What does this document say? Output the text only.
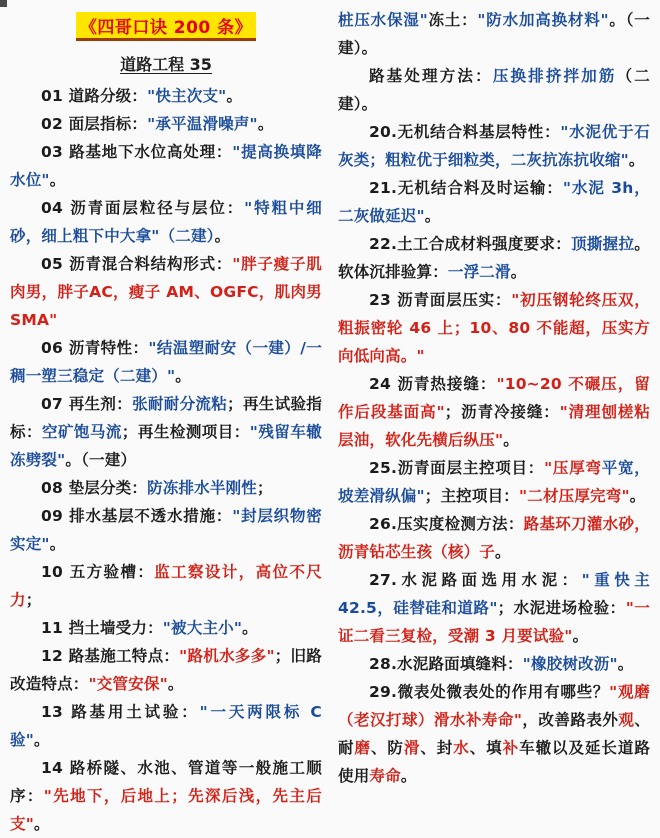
《四哥口诀 200 条》
道路工程 35

01 道路分级："快主次支"。

02 面层指标："承平温滑噪声"。

03 路基地下水位高处理："提高换填降水位"。

04 沥青面层粒径与层位："特粗中细砂，细上粗下中大拿"（二建）。

05 沥青混合料结构形式："胖子瘦子肌肉男，胖子AC，瘦子 AM、OGFC，肌肉男 SMA"

06 沥青特性："结温塑耐安（一建）/一稠一塑三稳定（二建）"。

07 再生剂：张耐耐分流粘；再生试验指标：空矿饱马流；再生检测项目："残留车辙冻劈裂"。（一建）

08 垫层分类：防冻排水半刚性；

09 排水基层不透水措施："封层织物密实定"。

10 五方验槽：监工察设计，高位不尺力；

11 挡土墙受力："被大主小"。

12 路基施工特点："路机水多多"；旧路改造特点："交管安保"。

13 路基用土试验："一天两限标 C 验"。

14 路桥隧、水池、管道等一般施工顺序："先地下，后地上；先深后浅，先主后支"。

桩压水保湿"冻土："防水加高换材料"。（一建）。

路基处理方法：压换排挤拌加筋（二建）。

20.无机结合料基层特性："水泥优于石灰类；粗粒优于细粒类，二灰抗冻抗收缩"。

21.无机结合料及时运输："水泥 3h，二灰做延迟"。

22.土工合成材料强度要求：顶撕握拉。软体沉排验算：一浮二滑。

23 沥青面层压实："初压钢轮终压双，粗振密轮 46 上；10、80 不能超，压实方向低向高。"

24 沥青热接缝："10~20 不碾压，留作后段基面高"；沥青冷接缝："清理刨槎粘层油，软化先横后纵压"。

25.沥青面层主控项目："压厚弯平宽，坡差滑纵偏"；主控项目："二材压厚完弯"。

26.压实度检测方法：路基环刀灌水砂，沥青钻芯生孩（核）子。

27.水泥路面选用水泥："重快主 42.5，硅替硅和道路"；水泥进场检验："一证二看三复检，受潮 3 月要试验"。

28.水泥路面填缝料："橡胶树改沥"。

29.微表处微表处的作用有哪些？"观磨（老汉打球）滑水补寿命"，改善路表外观、耐磨、防滑、封水、填补车辙以及延长道路使用寿命。
